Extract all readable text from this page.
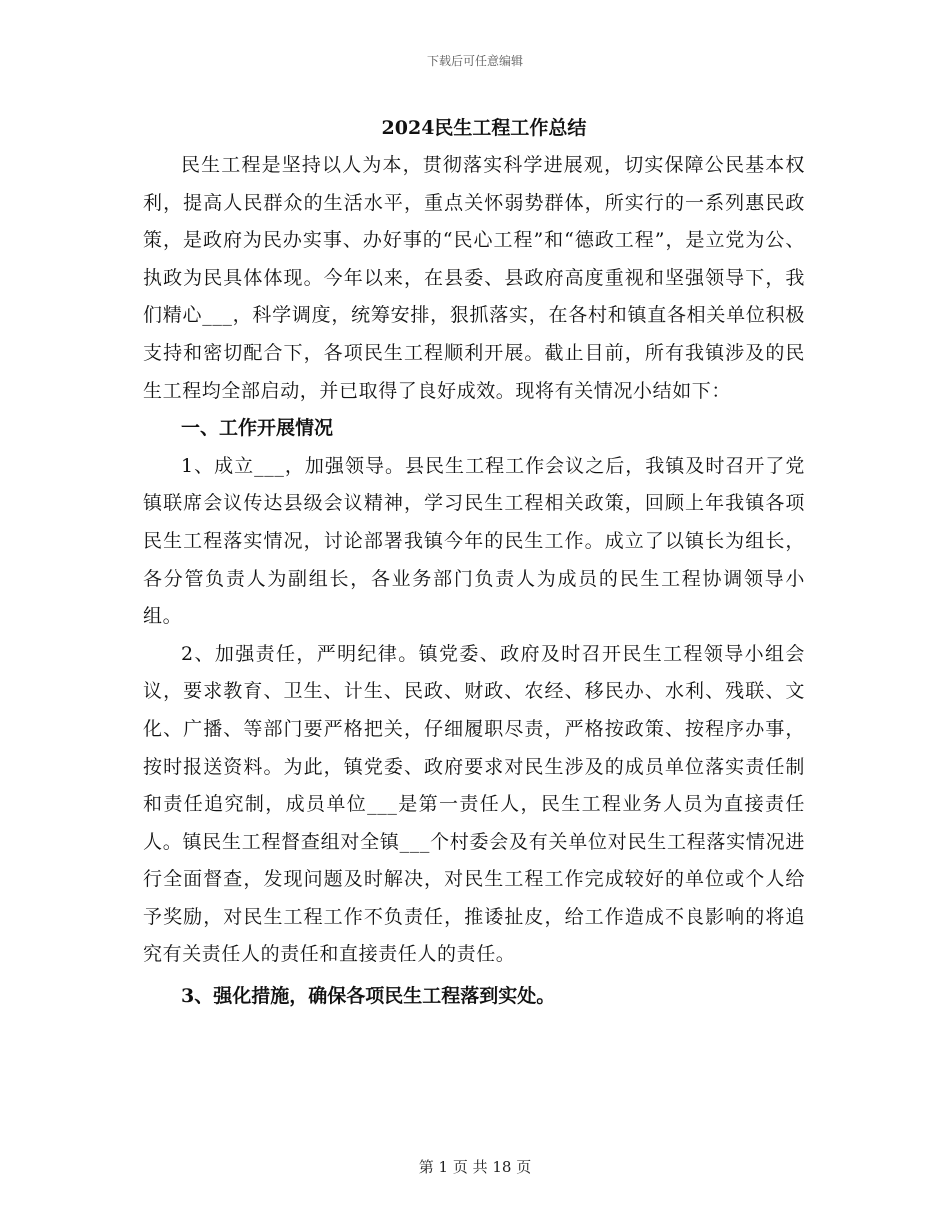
下载后可任意编辑
2024民生工程工作总结

民生工程是坚持以人为本，贯彻落实科学进展观，切实保障公民基本权利，提高人民群众的生活水平，重点关怀弱势群体，所实行的一系列惠民政策，是政府为民办实事、办好事的“民心工程”和“德政工程”，是立党为公、执政为民具体体现。今年以来，在县委、县政府高度重视和坚强领导下，我们精心___，科学调度，统筹安排，狠抓落实，在各村和镇直各相关单位积极支持和密切配合下，各项民生工程顺利开展。截止目前，所有我镇涉及的民生工程均全部启动，并已取得了良好成效。现将有关情况小结如下：

一、工作开展情况

1、成立___，加强领导。县民生工程工作会议之后，我镇及时召开了党镇联席会议传达县级会议精神，学习民生工程相关政策，回顾上年我镇各项民生工程落实情况，讨论部署我镇今年的民生工作。成立了以镇长为组长，各分管负责人为副组长，各业务部门负责人为成员的民生工程协调领导小组。

2、加强责任，严明纪律。镇党委、政府及时召开民生工程领导小组会议，要求教育、卫生、计生、民政、财政、农经、移民办、水利、残联、文化、广播、等部门要严格把关，仔细履职尽责，严格按政策、按程序办事，按时报送资料。为此，镇党委、政府要求对民生涉及的成员单位落实责任制和责任追究制，成员单位___是第一责任人，民生工程业务人员为直接责任人。镇民生工程督查组对全镇___个村委会及有关单位对民生工程落实情况进行全面督查，发现问题及时解决，对民生工程工作完成较好的单位或个人给予奖励，对民生工程工作不负责任，推诿扯皮，给工作造成不良影响的将追究有关责任人的责任和直接责任人的责任。

3、强化措施，确保各项民生工程落到实处。

第 1 页 共 18 页
